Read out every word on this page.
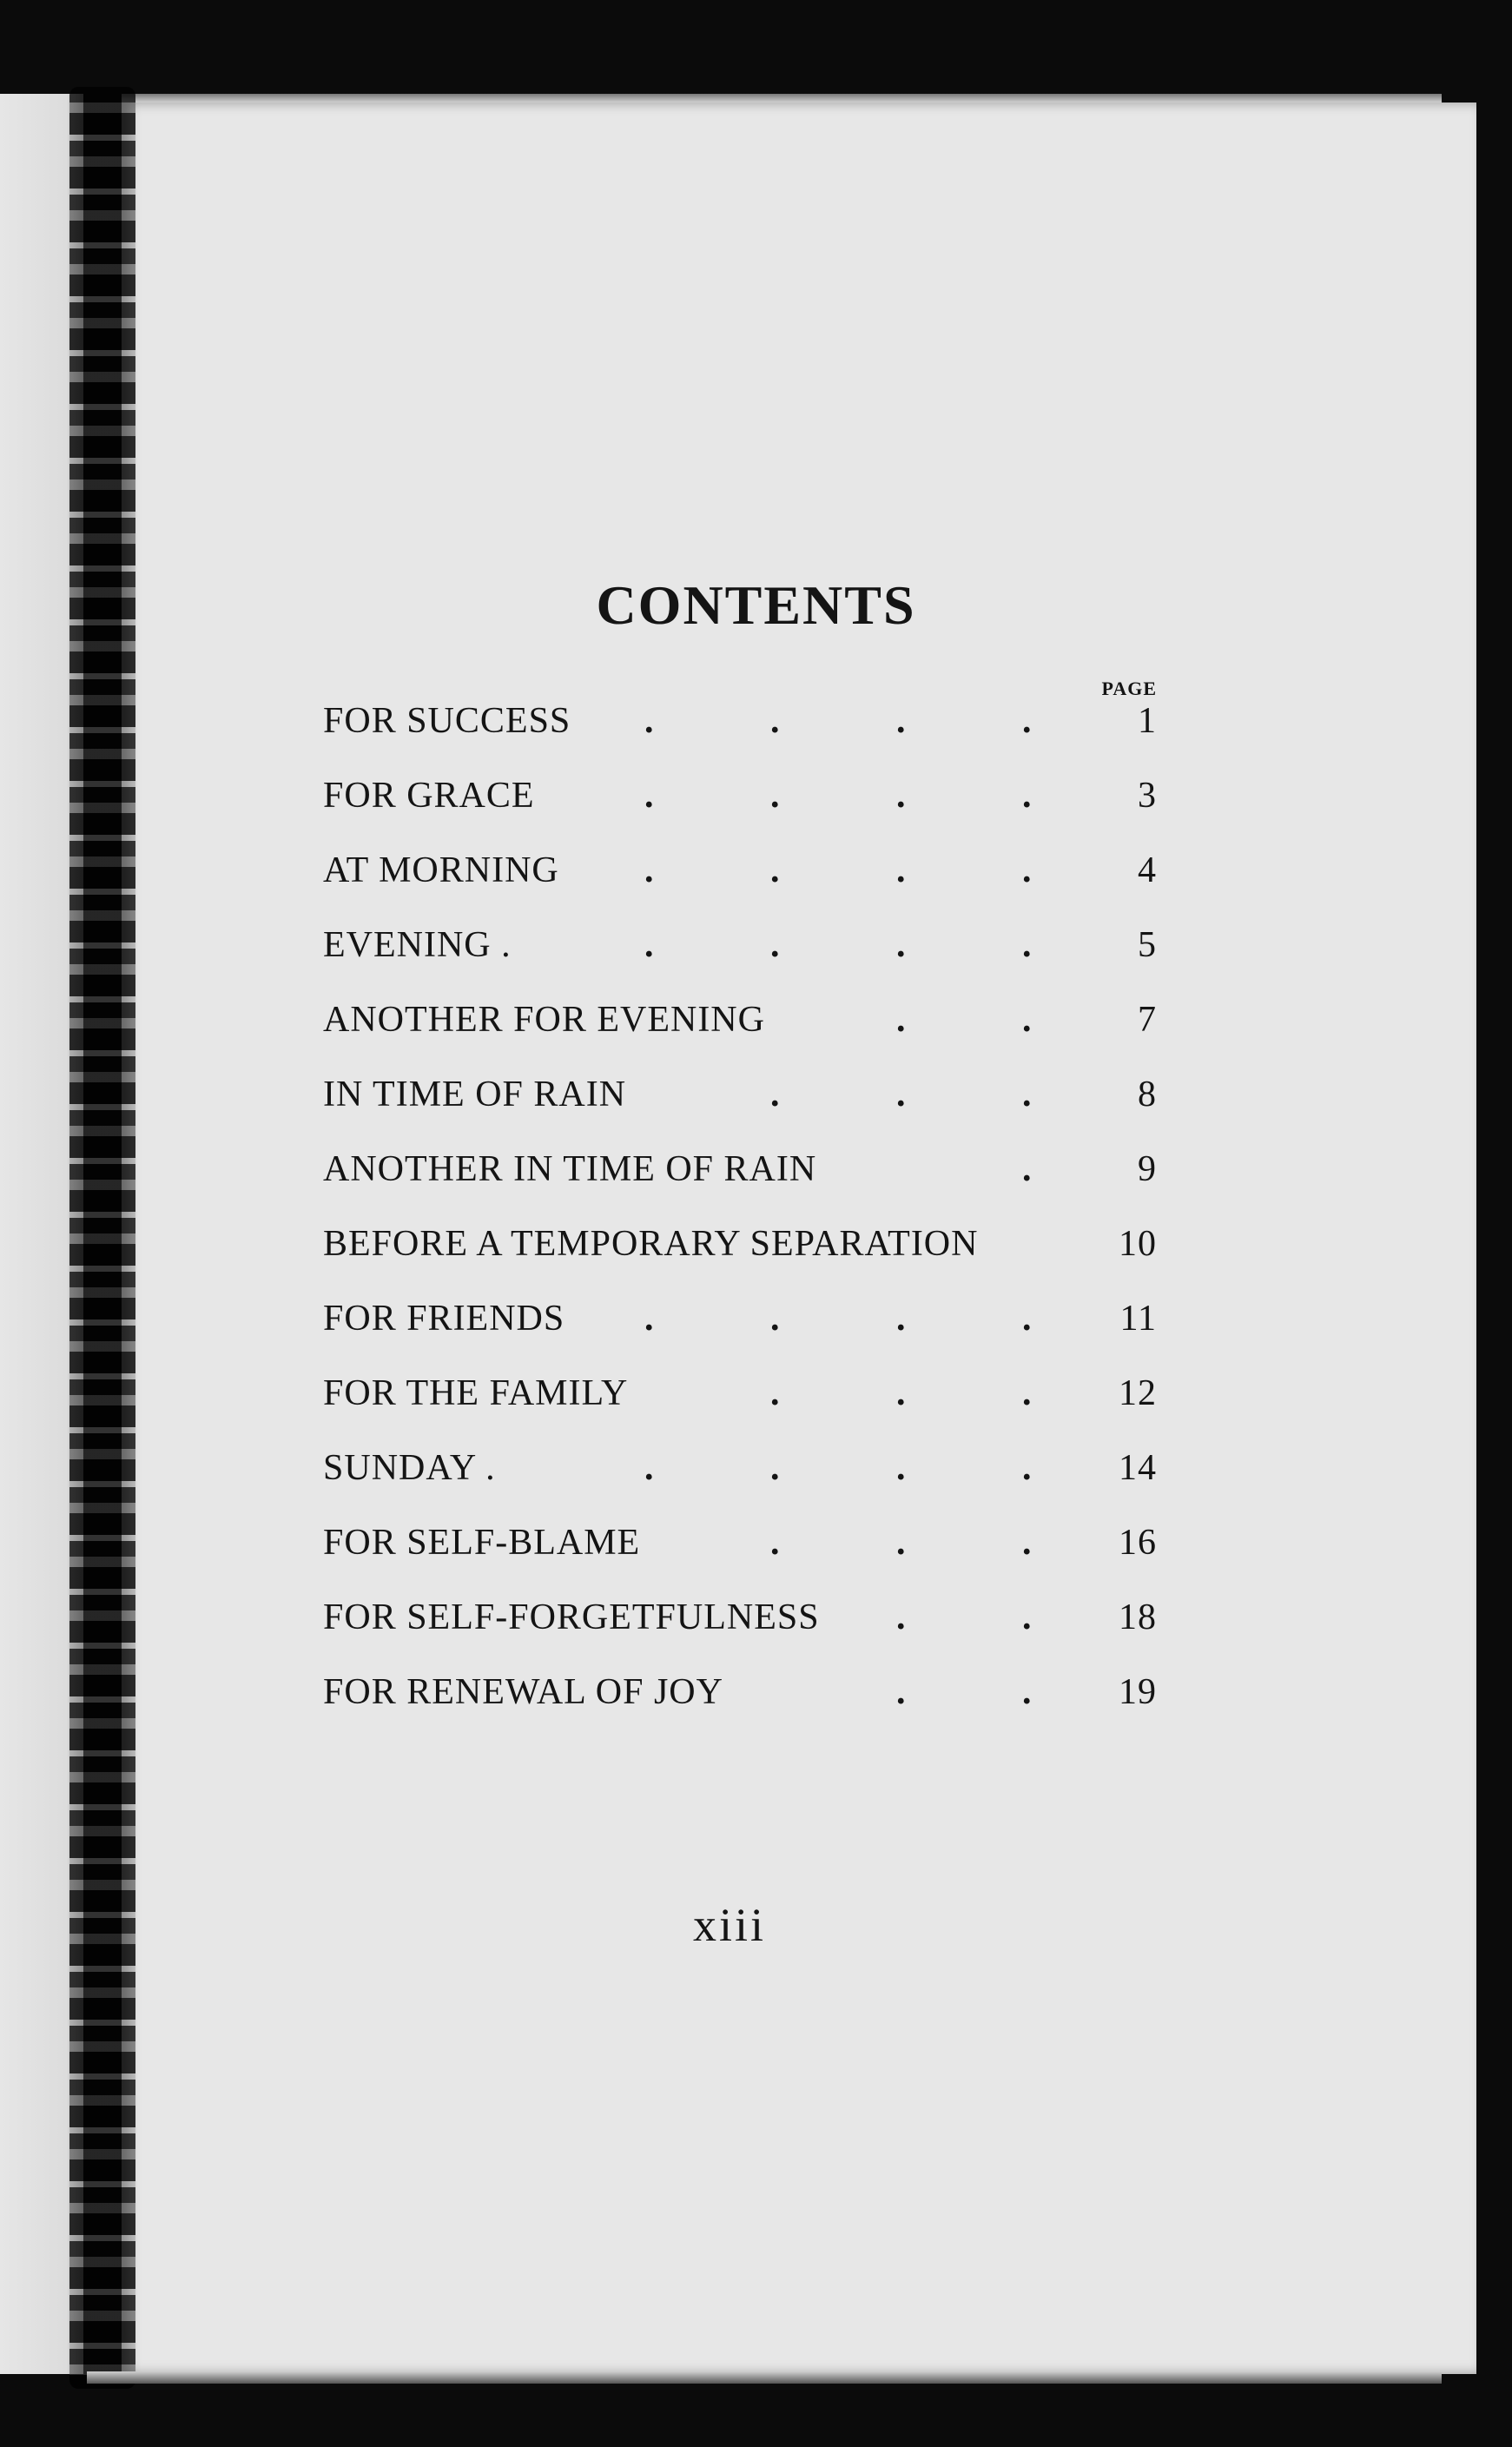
CONTENTS
PAGE
FOR SUCCESS .	.	.	.	1
FOR GRACE	.	.	.	.	3
AT MORNING .	.	.	.	4
EVENING .	.	.	.	.	5
ANOTHER FOR EVENING	.	.	7
IN TIME OF RAIN	.	.	.	8
ANOTHER IN TIME OF RAIN	.	9
BEFORE A TEMPORARY SEPARATION	10
FOR FRIENDS .	.	.	.	11
FOR THE FAMILY	.	.	.	12
SUNDAY .	.	.	.	.	14
FOR SELF-BLAME	.	.	.	16
FOR SELF-FORGETFULNESS .	.	18
FOR RENEWAL OF JOY	.	.	19
xiii
